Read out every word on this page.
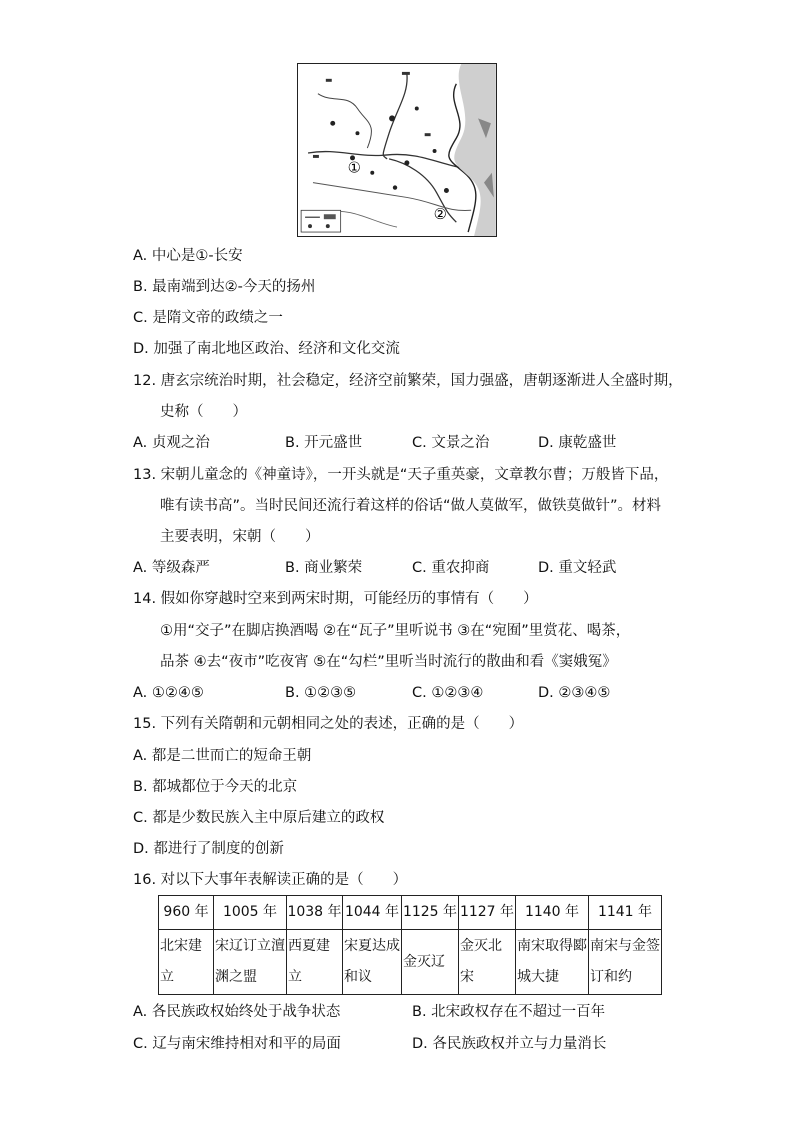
①
②
A. 中心是①-长安
B. 最南端到达②-今天的扬州
C. 是隋文帝的政绩之一
D. 加强了南北地区政治、经济和文化交流
12. 唐玄宗统治时期，社会稳定，经济空前繁荣，国力强盛，唐朝逐渐进人全盛时期，
史称（　　）
A. 贞观之治	B. 开元盛世	C. 文景之治	D. 康乾盛世
13. 宋朝儿童念的《神童诗》，一开头就是“天子重英豪，文章教尔曹；万般皆下品，
唯有读书高”。当时民间还流行着这样的俗话“做人莫做军，做铁莫做针”。材料
主要表明，宋朝（　　）
A. 等级森严	B. 商业繁荣	C. 重农抑商	D. 重文轻武
14. 假如你穿越时空来到两宋时期，可能经历的事情有（　　）
①用“交子”在脚店换酒喝 ②在“瓦子”里听说书 ③在“宛囿”里赏花、喝茶，
品茶 ④去“夜市”吃夜宵 ⑤在“勾栏”里听当时流行的散曲和看《窦娥冤》
A. ①②④⑤	B. ①②③⑤	C. ①②③④	D. ②③④⑤
15. 下列有关隋朝和元朝相同之处的表述，正确的是（　　）
A. 都是二世而亡的短命王朝
B. 都城都位于今天的北京
C. 都是少数民族入主中原后建立的政权
D. 都进行了制度的创新
16. 对以下大事年表解读正确的是（　　）
960 年	1005 年	1038 年	1044 年	1125 年	1127 年	1140 年	1141 年

北宋建立	宋辽订立澶渊之盟	西夏建立	宋夏达成和议	金灭辽	金灭北宋	南宋取得郾城大捷	南宋与金签订和约
A. 各民族政权始终处于战争状态	B. 北宋政权存在不超过一百年
C. 辽与南宋维持相对和平的局面	D. 各民族政权并立与力量消长
